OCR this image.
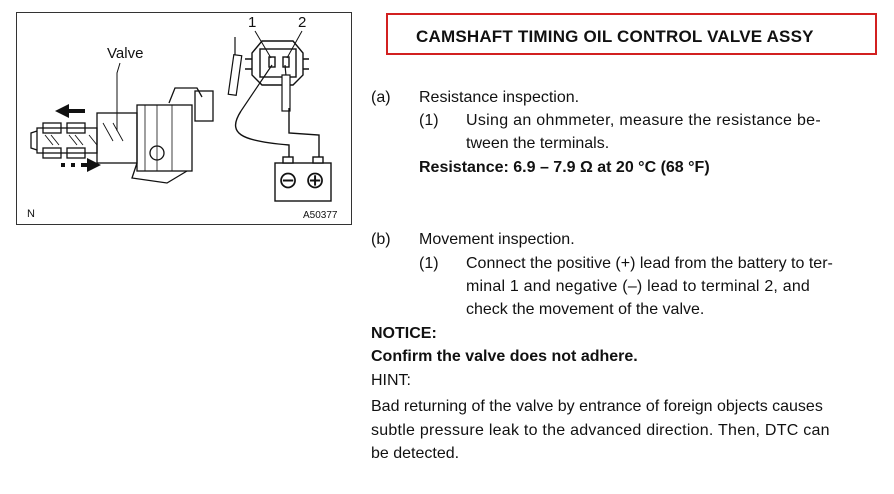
Valve
1	2
⊖ ⊕
N	A50377
CAMSHAFT TIMING OIL CONTROL VALVE ASSY
(a) Resistance inspection.
(1) Using an ohmmeter, measure the resistance be-
tween the terminals.
Resistance: 6.9 – 7.9 Ω at 20 °C (68 °F)
(b) Movement inspection.
(1) Connect the positive (+) lead from the battery to ter-
minal 1 and negative (–) lead to terminal 2, and
check the movement of the valve.
NOTICE:
Confirm the valve does not adhere.
HINT:
Bad returning of the valve by entrance of foreign objects causes
subtle pressure leak to the advanced direction. Then, DTC can
be detected.
